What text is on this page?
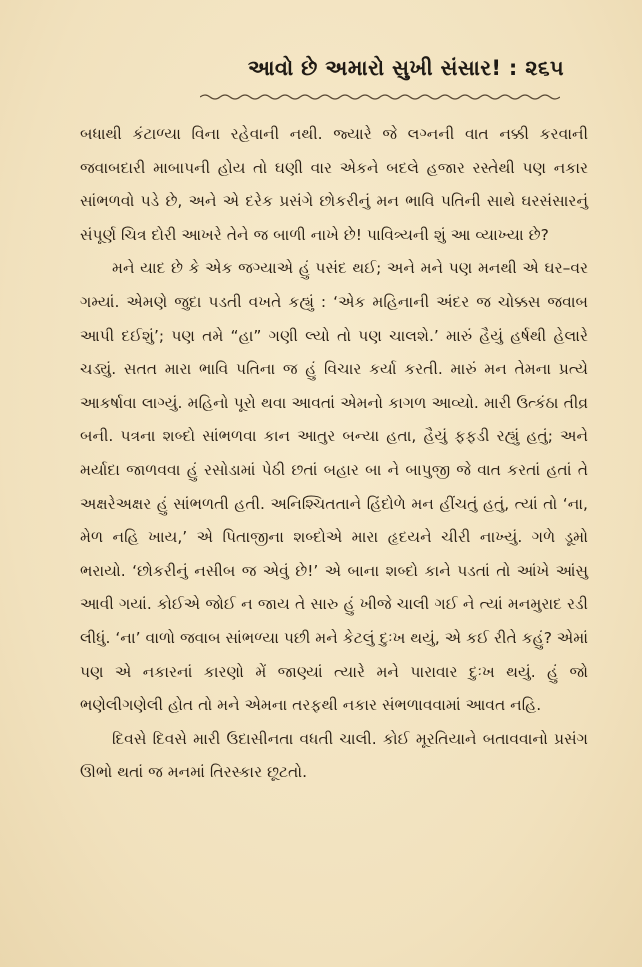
આવો છે અમારો સુખી સંસાર! : ૨૬૫

બધાથી કંટાળ્યા વિના રહેવાની નથી. જ્યારે જે લગ્નની વાત નક્કી કરવાની જવાબદારી માબાપની હોય તો ઘણી વાર એકને બદલે હજાર રસ્તેથી પણ નકાર સાંભળવો પડે છે, અને એ દરેક પ્રસંગે છોકરીનું મન ભાવિ પતિની સાથે ઘરસંસારનું સંપૂર્ણ ચિત્ર દોરી આખરે તેને જ બાળી નાખે છે! પાવિત્ર્યની શું આ વ્યાખ્યા છે?

મને યાદ છે કે એક જગ્યાએ હું પસંદ થઈ; અને મને પણ મનથી એ ઘર–વર ગમ્યાં. એમણે જુદા પડતી વખતે કહ્યું : ‘એક મહિનાની અંદર જ ચોક્કસ જવાબ આપી દઈશું’; પણ તમે “હા” ગણી લ્યો તો પણ ચાલશે.’ મારું હૈયું હર્ષથી હેલારે ચડ્યું. સતત મારા ભાવિ પતિના જ હું વિચાર કર્યા કરતી. મારું મન તેમના પ્રત્યે આકર્ષાવા લાગ્યું. મહિનો પૂરો થવા આવતાં એમનો કાગળ આવ્યો. મારી ઉત્કંઠા તીવ્ર બની. પત્રના શબ્દો સાંભળવા કાન આતુર બન્યા હતા, હૈયું ફફડી રહ્યું હતું; અને મર્યાદા જાળવવા હું રસોડામાં પેઠી છતાં બહાર બા ને બાપુજી જે વાત કરતાં હતાં તે અક્ષરેઅક્ષર હું સાંભળતી હતી. અનિશ્ચિતતાને હિંદોળે મન હીંચતું હતું, ત્યાં તો ‘ના, મેળ નહિ ખાય,’ એ પિતાજીના શબ્દોએ મારા હૃદયને ચીરી નાખ્યું. ગળે ડૂમો ભરાયો. ‘છોકરીનું નસીબ જ એવું છે!’ એ બાના શબ્દો કાને પડતાં તો આંખે આંસુ આવી ગયાં. કોઈએ જોઈ ન જાય તે સારુ હું ખીજે ચાલી ગઈ ને ત્યાં મનમુરાદ રડી લીધું. ‘ના’ વાળો જવાબ સાંભળ્યા પછી મને કેટલું દુઃખ થયું, એ કઈ રીતે કહું? એમાં પણ એ નકારનાં કારણો મેં જાણ્યાં ત્યારે મને પારાવાર દુઃખ થયું. હું જો ભણેલીગણેલી હોત તો મને એમના તરફથી નકાર સંભળાવવામાં આવત નહિ.

દિવસે દિવસે મારી ઉદાસીનતા વધતી ચાલી. કોઈ મૂરતિયાને બતાવવાનો પ્રસંગ ઊભો થતાં જ મનમાં તિરસ્કાર છૂટતો.
